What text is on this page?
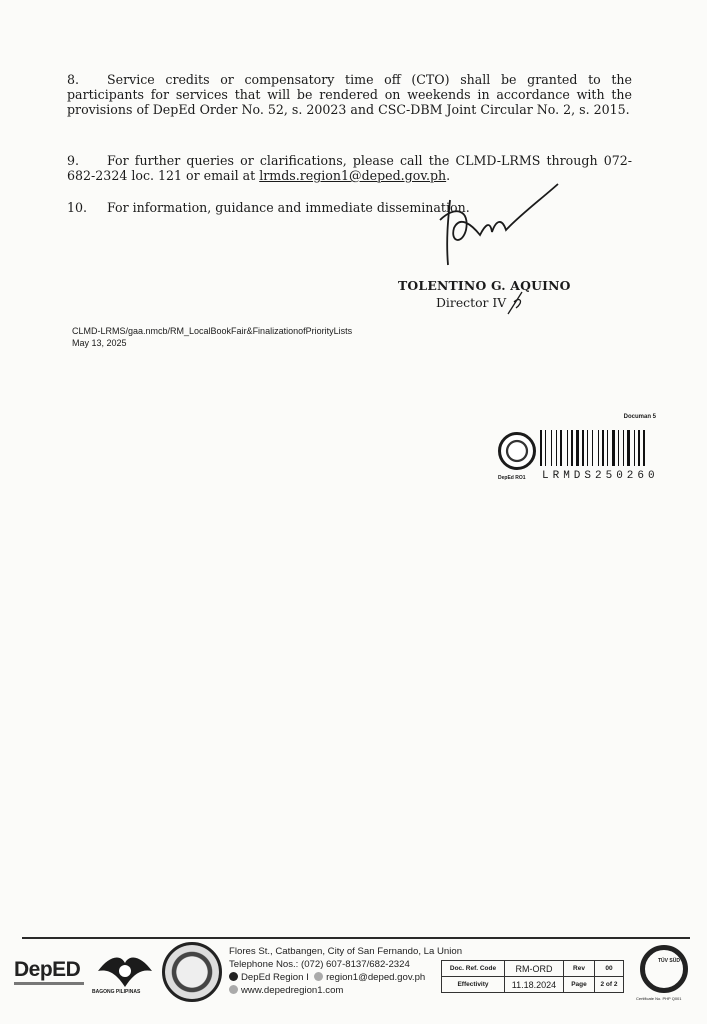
8. Service credits or compensatory time off (CTO) shall be granted to the participants for services that will be rendered on weekends in accordance with the provisions of DepEd Order No. 52, s. 20023 and CSC-DBM Joint Circular No. 2, s. 2015.
9. For further queries or clarifications, please call the CLMD-LRMS through 072-682-2324 loc. 121 or email at lrmds.region1@deped.gov.ph.
10. For information, guidance and immediate dissemination.
TOLENTINO G. AQUINO
Director IV
CLMD-LRMS/gaa.nmcb/RM_LocalBookFair&FinalizationofPriorityLists
May 13, 2025
Documan 5
DepEd RO1 LRMDS250260
DepED
BAGONG PILIPINAS
Flores St., Catbangen, City of San Fernando, La Union
Telephone Nos.: (072) 607-8137/682-2324
DepEd Region I region1@deped.gov.ph
www.depedregion1.com
Doc. Ref. Code	RM-ORD	Rev	00
Effectivity	11.18.2024	Page	2 of 2
TÜV SÜD
Certificate No. PHP Q001
